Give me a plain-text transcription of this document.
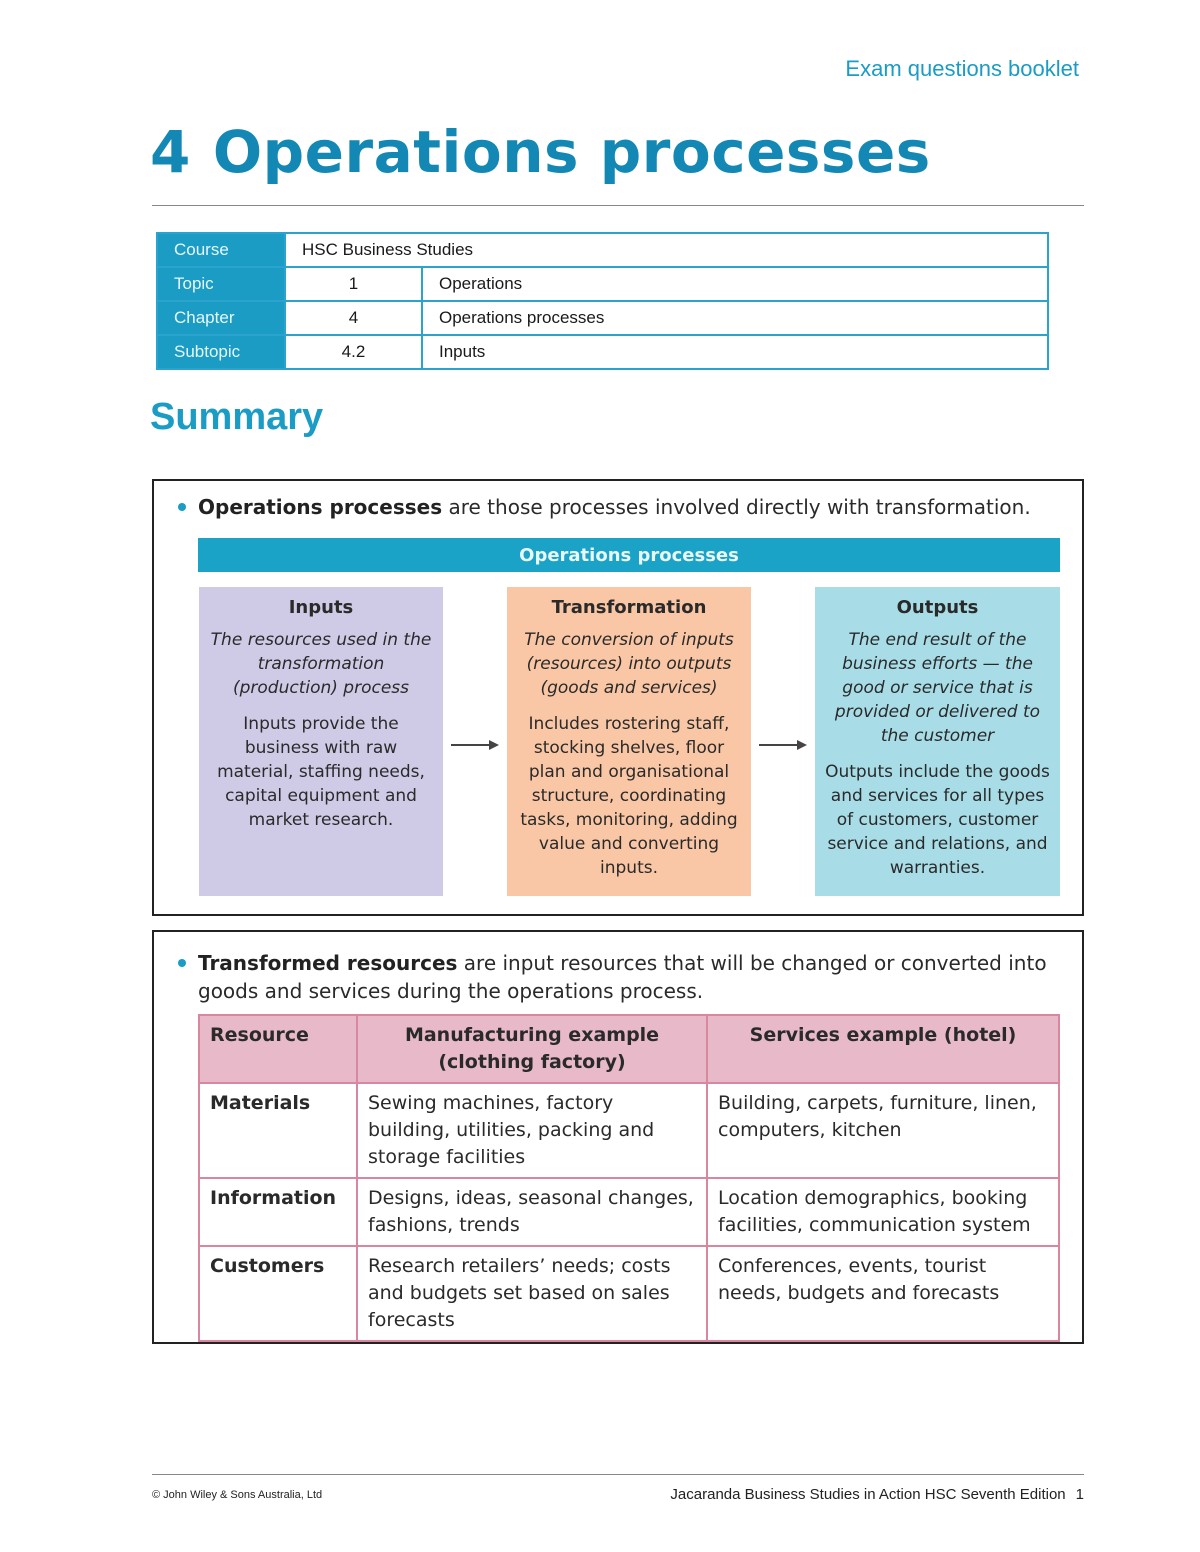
Exam questions booklet
4 Operations processes
Course	HSC Business Studies	
Topic	1	Operations
Chapter	4	Operations processes
Subtopic	4.2	Inputs
Summary
Operations processes are those processes involved directly with transformation.
Operations processes
Inputs
The resources used in the transformation (production) process
Inputs provide the business with raw material, staffing needs, capital equipment and market research.
Transformation
The conversion of inputs (resources) into outputs (goods and services)
Includes rostering staff, stocking shelves, floor plan and organisational structure, coordinating tasks, monitoring, adding value and converting inputs.
Outputs
The end result of the business efforts — the good or service that is provided or delivered to the customer
Outputs include the goods and services for all types of customers, customer service and relations, and warranties.
Transformed resources are input resources that will be changed or converted into goods and services during the operations process.
Resource	Manufacturing example (clothing factory)	Services example (hotel)
Materials	Sewing machines, factory building, utilities, packing and storage facilities	Building, carpets, furniture, linen, computers, kitchen
Information	Designs, ideas, seasonal changes, fashions, trends	Location demographics, booking facilities, communication system
Customers	Research retailers’ needs; costs and budgets set based on sales forecasts	Conferences, events, tourist needs, budgets and forecasts
© John Wiley & Sons Australia, Ltd	Jacaranda Business Studies in Action HSC Seventh Edition 1
